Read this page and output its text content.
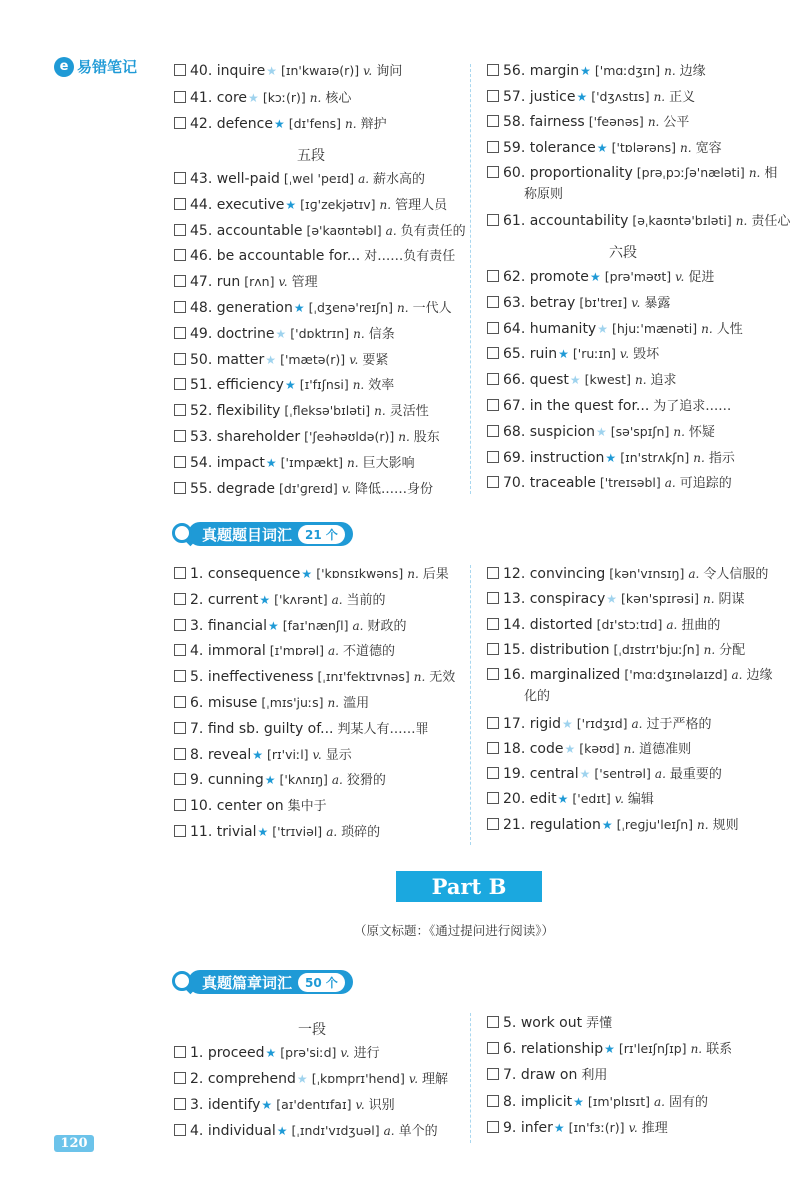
e 易错笔记	40. inquire★ [ɪn'kwaɪə(r)] v. 询问
41. core★ [kɔː(r)] n. 核心
42. defence★ [dɪ'fens] n. 辩护
五段
43. well-paid [ˌwel 'peɪd] a. 薪水高的
44. executive★ [ɪɡ'zekjətɪv] n. 管理人员
45. accountable [ə'kaʊntəbl] a. 负有责任的
46. be accountable for... 对……负有责任
47. run [rʌn] v. 管理
48. generation★ [ˌdʒenə'reɪʃn] n. 一代人
49. doctrine★ ['dɒktrɪn] n. 信条
50. matter★ ['mætə(r)] v. 要紧
51. efficiency★ [ɪ'fɪʃnsi] n. 效率
52. flexibility [ˌfleksə'bɪləti] n. 灵活性
53. shareholder ['ʃeəhəʊldə(r)] n. 股东
54. impact★ ['ɪmpækt] n. 巨大影响
55. degrade [dɪ'ɡreɪd] v. 降低……身份
56. margin★ ['mɑːdʒɪn] n. 边缘
57. justice★ ['dʒʌstɪs] n. 正义
58. fairness ['feənəs] n. 公平
59. tolerance★ ['tɒlərəns] n. 宽容
60. proportionality [prəˌpɔːʃə'næləti] n. 相
称原则
61. accountability [əˌkaʊntə'bɪləti] n. 责任心
六段
62. promote★ [prə'məʊt] v. 促进
63. betray [bɪ'treɪ] v. 暴露
64. humanity★ [hjuː'mænəti] n. 人性
65. ruin★ ['ruːɪn] v. 毁坏
66. quest★ [kwest] n. 追求
67. in the quest for... 为了追求……
68. suspicion★ [sə'spɪʃn] n. 怀疑
69. instruction★ [ɪn'strʌkʃn] n. 指示
70. traceable ['treɪsəbl] a. 可追踪的
真题题目词汇	21 个
1. consequence★ ['kɒnsɪkwəns] n. 后果
2. current★ ['kʌrənt] a. 当前的
3. financial★ [faɪ'nænʃl] a. 财政的
4. immoral [ɪ'mɒrəl] a. 不道德的
5. ineffectiveness [ˌɪnɪ'fektɪvnəs] n. 无效
6. misuse [ˌmɪs'juːs] n. 滥用
7. find sb. guilty of... 判某人有……罪
8. reveal★ [rɪ'viːl] v. 显示
9. cunning★ ['kʌnɪŋ] a. 狡猾的
10. center on 集中于
11. trivial★ ['trɪviəl] a. 琐碎的
12. convincing [kən'vɪnsɪŋ] a. 令人信服的
13. conspiracy★ [kən'spɪrəsi] n. 阴谋
14. distorted [dɪ'stɔːtɪd] a. 扭曲的
15. distribution [ˌdɪstrɪ'bjuːʃn] n. 分配
16. marginalized ['mɑːdʒɪnəlaɪzd] a. 边缘
化的
17. rigid★ ['rɪdʒɪd] a. 过于严格的
18. code★ [kəʊd] n. 道德准则
19. central★ ['sentrəl] a. 最重要的
20. edit★ ['edɪt] v. 编辑
21. regulation★ [ˌreɡju'leɪʃn] n. 规则
Part B
（原文标题：《通过提问进行阅读》）
真题篇章词汇	50 个
一段
1. proceed★ [prə'siːd] v. 进行
2. comprehend★ [ˌkɒmprɪ'hend] v. 理解
3. identify★ [aɪ'dentɪfaɪ] v. 识别
4. individual★ [ˌɪndɪ'vɪdʒuəl] a. 单个的
5. work out 弄懂
6. relationship★ [rɪ'leɪʃnʃɪp] n. 联系
7. draw on 利用
8. implicit★ [ɪm'plɪsɪt] a. 固有的
9. infer★ [ɪn'fɜː(r)] v. 推理
120
